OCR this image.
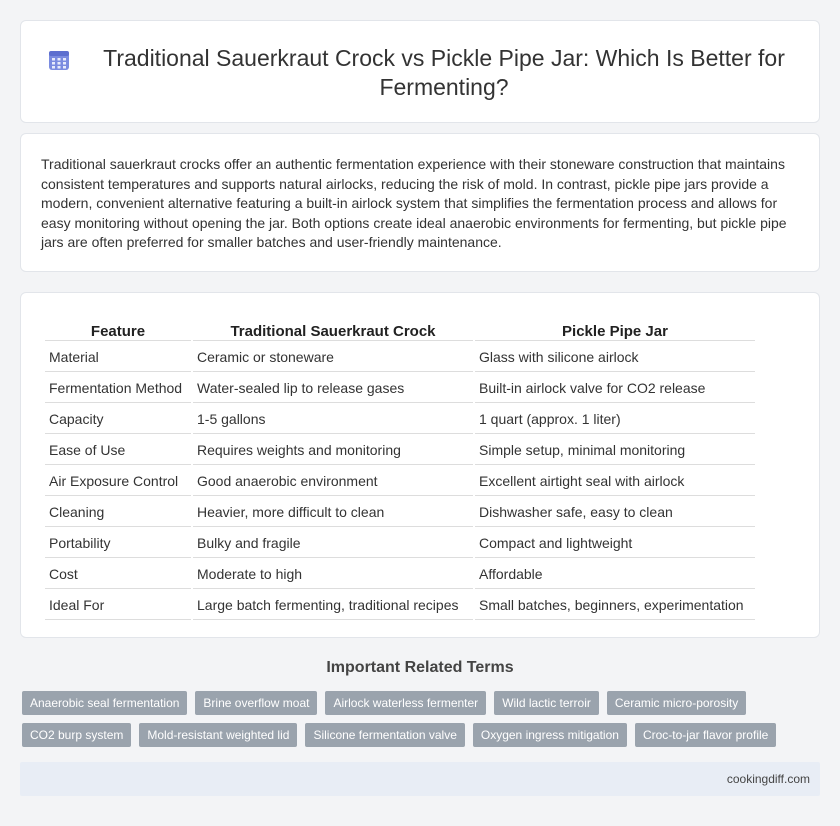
Traditional Sauerkraut Crock vs Pickle Pipe Jar: Which Is Better for Fermenting?

Traditional sauerkraut crocks offer an authentic fermentation experience with their stoneware construction that maintains consistent temperatures and supports natural airlocks, reducing the risk of mold. In contrast, pickle pipe jars provide a modern, convenient alternative featuring a built-in airlock system that simplifies the fermentation process and allows for easy monitoring without opening the jar. Both options create ideal anaerobic environments for fermenting, but pickle pipe jars are often preferred for smaller batches and user-friendly maintenance.

Feature	Traditional Sauerkraut Crock	Pickle Pipe Jar
Material	Ceramic or stoneware	Glass with silicone airlock
Fermentation Method	Water-sealed lip to release gases	Built-in airlock valve for CO2 release
Capacity	1-5 gallons	1 quart (approx. 1 liter)
Ease of Use	Requires weights and monitoring	Simple setup, minimal monitoring
Air Exposure Control	Good anaerobic environment	Excellent airtight seal with airlock
Cleaning	Heavier, more difficult to clean	Dishwasher safe, easy to clean
Portability	Bulky and fragile	Compact and lightweight
Cost	Moderate to high	Affordable
Ideal For	Large batch fermenting, traditional recipes	Small batches, beginners, experimentation
Important Related Terms
Anaerobic seal fermentation	Brine overflow moat	Airlock waterless fermenter	Wild lactic terroir	Ceramic micro-porosity
CO2 burp system	Mold-resistant weighted lid	Silicone fermentation valve	Oxygen ingress mitigation	Croc-to-jar flavor profile
cookingdiff.com
